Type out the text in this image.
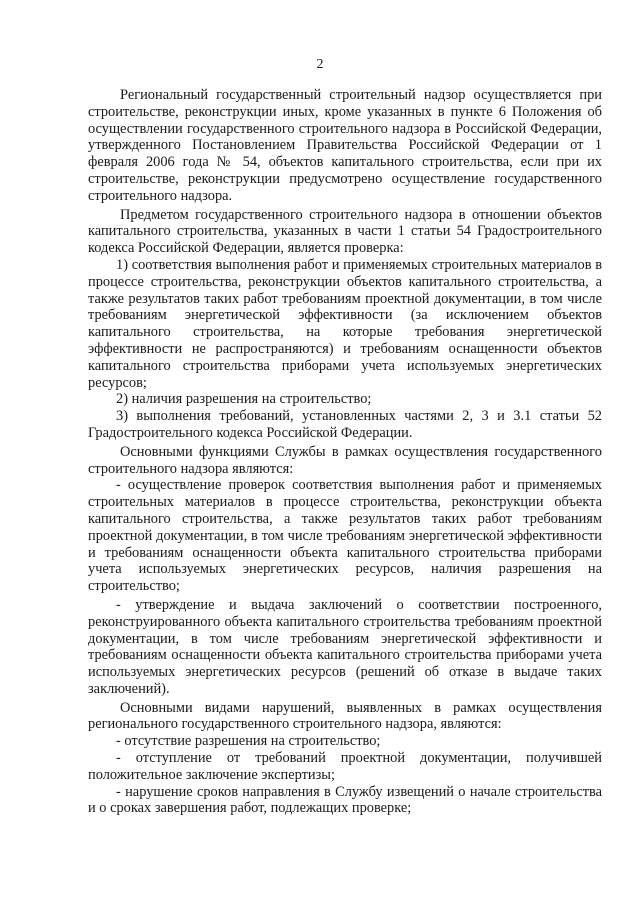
2

Региональный государственный строительный надзор осуществляется при строительстве, реконструкции иных, кроме указанных в пункте 6 Положения об осуществлении государственного строительного надзора в Российской Федерации, утвержденного Постановлением Правительства Российской Федерации от 1 февраля 2006 года № 54, объектов капитального строительства, если при их строительстве, реконструкции предусмотрено осуществление государственного строительного надзора.

Предметом государственного строительного надзора в отношении объектов капитального строительства, указанных в части 1 статьи 54 Градостроительного кодекса Российской Федерации, является проверка:

1) соответствия выполнения работ и применяемых строительных материалов в процессе строительства, реконструкции объектов капитального строительства, а также результатов таких работ требованиям проектной документации, в том числе требованиям энергетической эффективности (за исключением объектов капитального строительства, на которые требования энергетической эффективности не распространяются) и требованиям оснащенности объектов капитального строительства приборами учета используемых энергетических ресурсов;

2) наличия разрешения на строительство;

3) выполнения требований, установленных частями 2, 3 и 3.1 статьи 52 Градостроительного кодекса Российской Федерации.

Основными функциями Службы в рамках осуществления государственного строительного надзора являются:

- осуществление проверок соответствия выполнения работ и применяемых строительных материалов в процессе строительства, реконструкции объекта капитального строительства, а также результатов таких работ требованиям проектной документации, в том числе требованиям энергетической эффективности и требованиям оснащенности объекта капитального строительства приборами учета используемых энергетических ресурсов, наличия разрешения на строительство;

- утверждение и выдача заключений о соответствии построенного, реконструированного объекта капитального строительства требованиям проектной документации, в том числе требованиям энергетической эффективности и требованиям оснащенности объекта капитального строительства приборами учета используемых энергетических ресурсов (решений об отказе в выдаче таких заключений).

Основными видами нарушений, выявленных в рамках осуществления регионального государственного строительного надзора, являются:

- отсутствие разрешения на строительство;

- отступление от требований проектной документации, получившей положительное заключение экспертизы;

- нарушение сроков направления в Службу извещений о начале строительства и о сроках завершения работ, подлежащих проверке;
